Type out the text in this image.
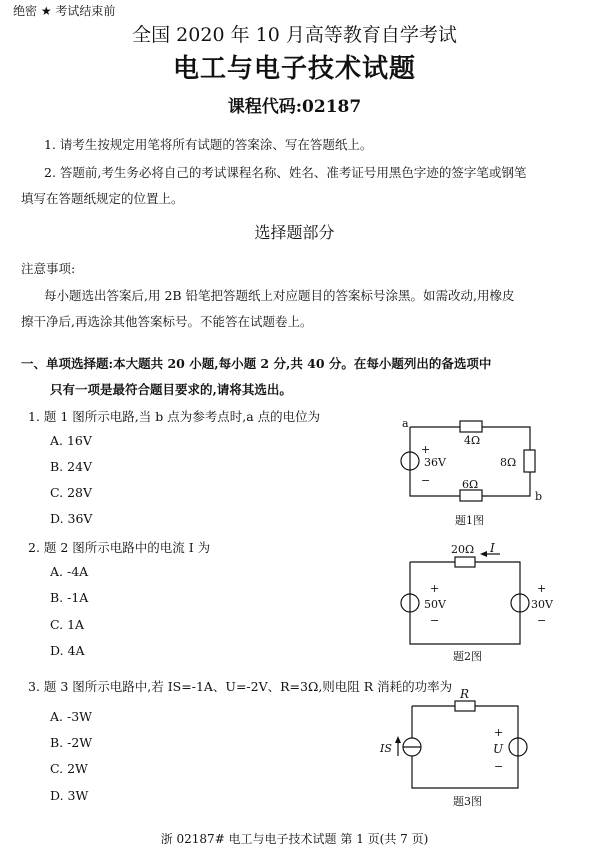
绝密 ★ 考试结束前
全国 2020 年 10 月高等教育自学考试
电工与电子技术试题
课程代码:02187
1. 请考生按规定用笔将所有试题的答案涂、写在答题纸上。
2. 答题前,考生务必将自己的考试课程名称、姓名、准考证号用黑色字迹的签字笔或钢笔
填写在答题纸规定的位置上。
选择题部分
注意事项:
每小题选出答案后,用 2B 铅笔把答题纸上对应题目的答案标号涂黑。如需改动,用橡皮
擦干净后,再选涂其他答案标号。不能答在试题卷上。
一、单项选择题:本大题共 20 小题,每小题 2 分,共 40 分。在每小题列出的备选项中
只有一项是最符合题目要求的,请将其选出。
1. 题 1 图所示电路,当 b 点为参考点时,a 点的电位为
A. 16V
B. 24V
C. 28V
D. 36V
a
b
+
−
36V
4Ω
8Ω
6Ω
题1图
2. 题 2 图所示电路中的电流 I 为
A. -4A
B. -1A
C. 1A
D. 4A
20Ω I
+
−
50V
+
−
30V
题2图
3. 题 3 图所示电路中,若 IS=-1A、U=-2V、R=3Ω,则电阻 R 消耗的功率为
A. -3W
B. -2W
C. 2W
D. 3W
R
IS
+
−
U
题3图
浙 02187# 电工与电子技术试题 第 1 页(共 7 页)
